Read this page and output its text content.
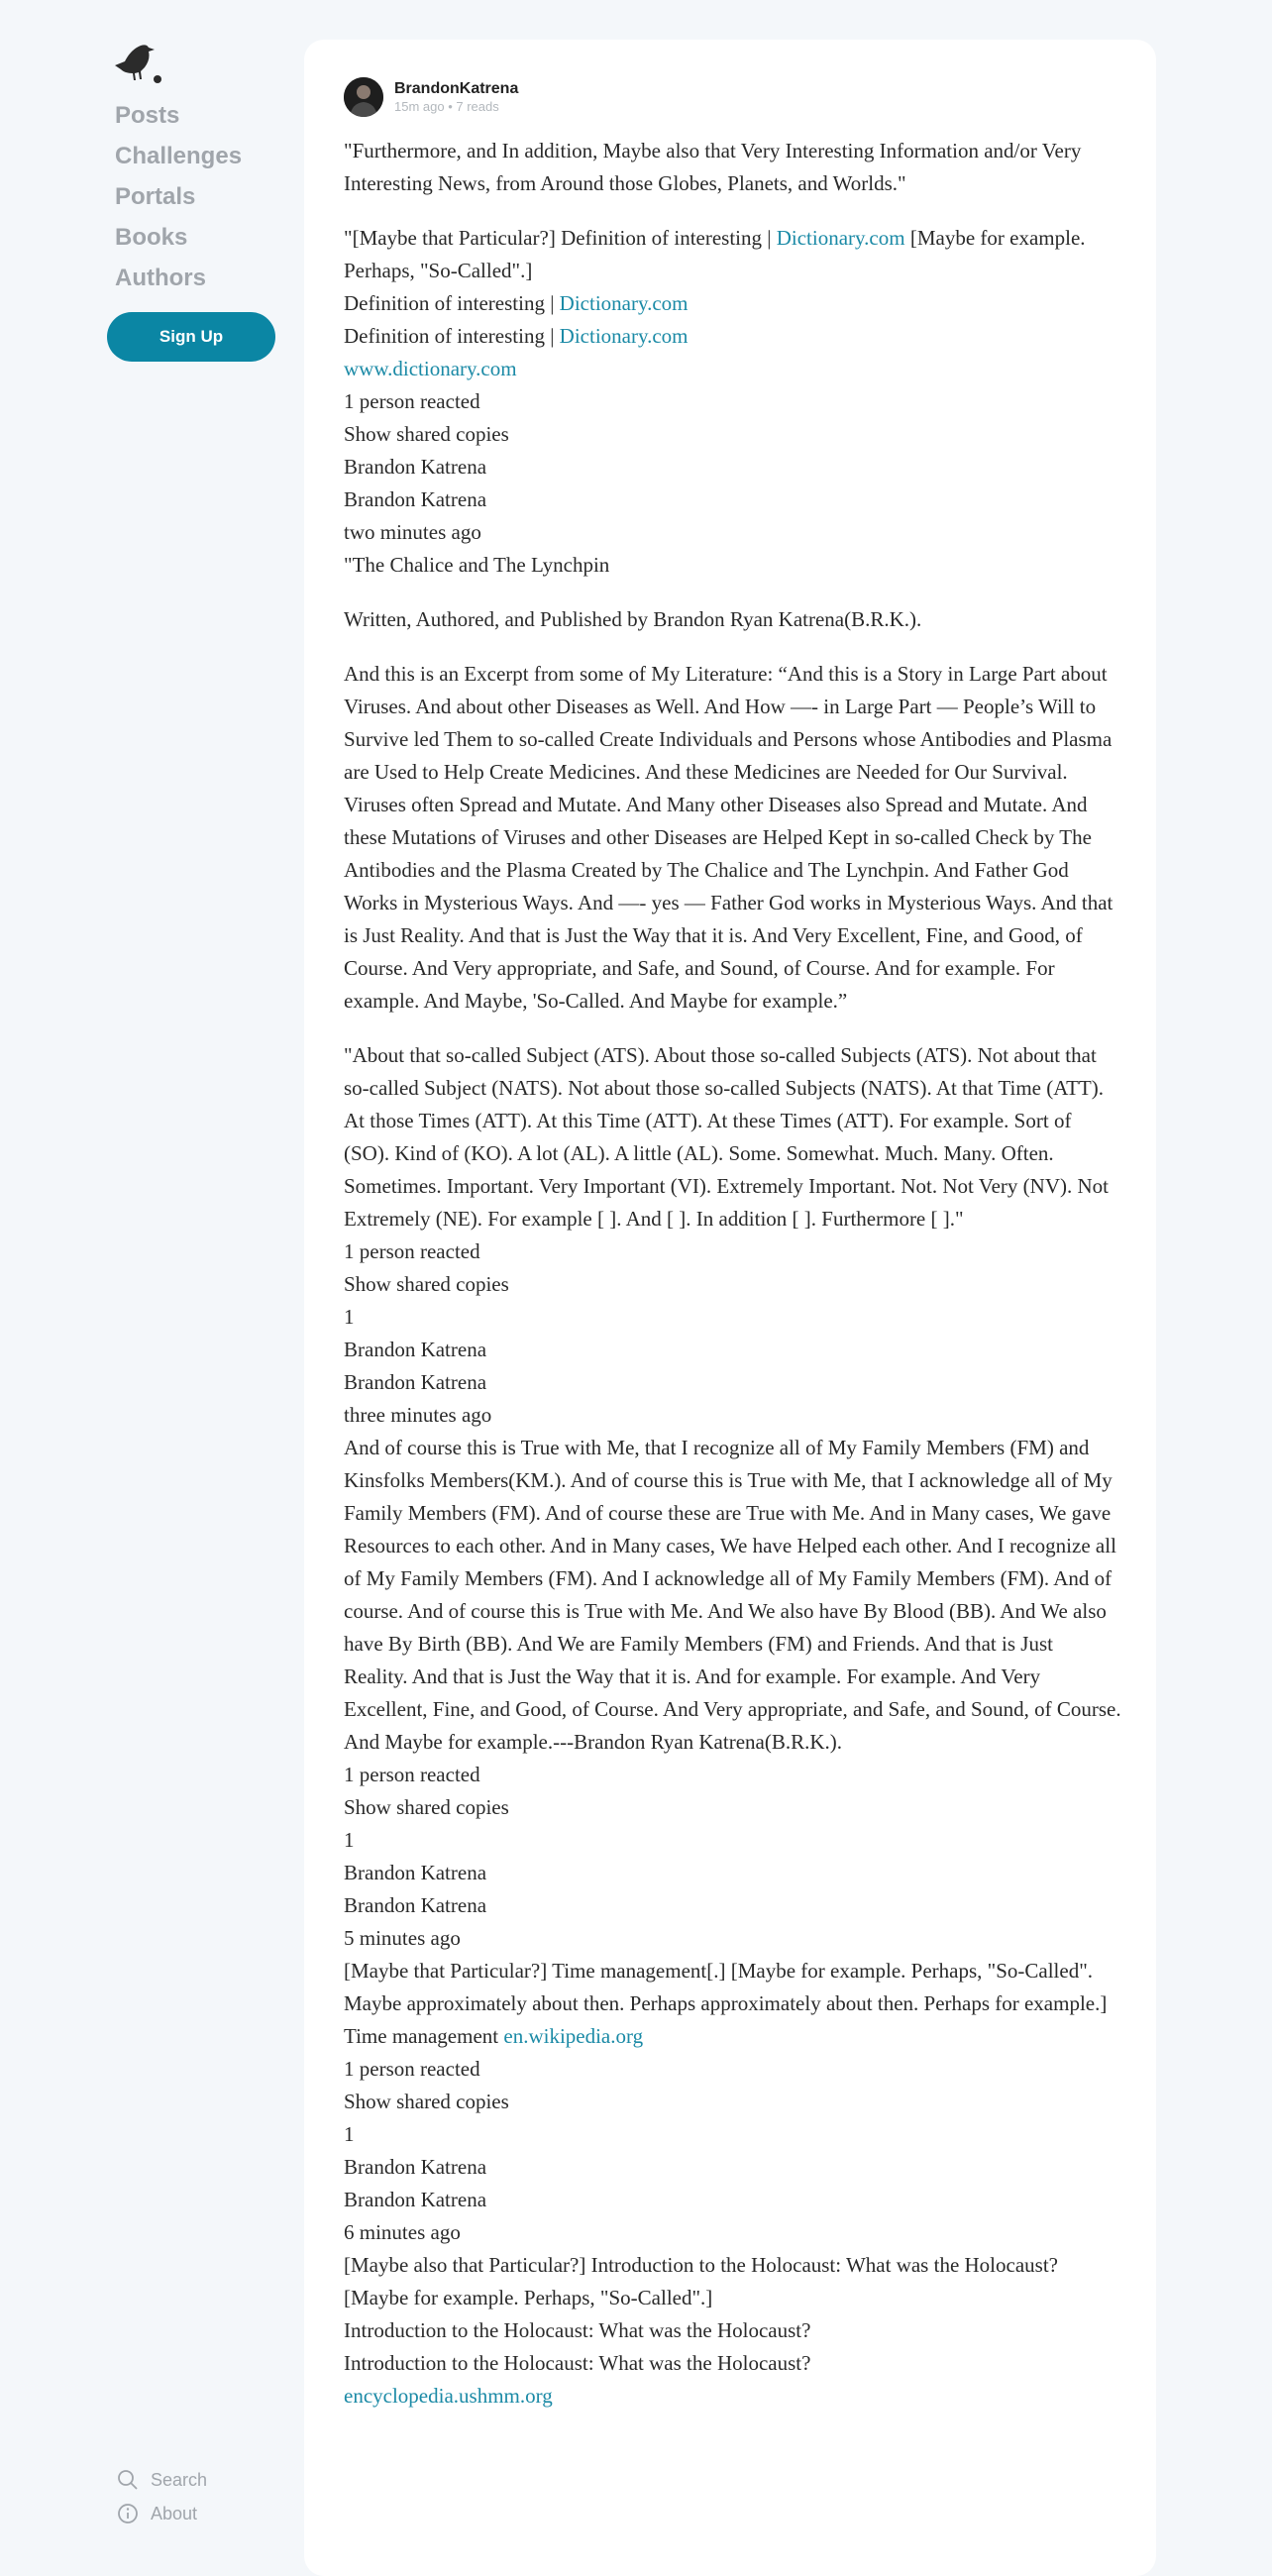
Posts
Challenges
Portals
Books
Authors
Sign Up
Search
About
BrandonKatrena
15m ago • 7 reads

"Furthermore, and In addition, Maybe also that Very Interesting Information and/or Very Interesting News, from Around those Globes, Planets, and Worlds."

"[Maybe that Particular?] Definition of interesting | Dictionary.com [Maybe for example. Perhaps, "So-Called".]
Definition of interesting | Dictionary.com
Definition of interesting | Dictionary.com
www.dictionary.com
1 person reacted
Show shared copies
Brandon Katrena
Brandon Katrena
two minutes ago
"The Chalice and The Lynchpin

Written, Authored, and Published by Brandon Ryan Katrena(B.R.K.).

And this is an Excerpt from some of My Literature: “And this is a Story in Large Part about Viruses. And about other Diseases as Well. And How —- in Large Part — People’s Will to Survive led Them to so-called Create Individuals and Persons whose Antibodies and Plasma are Used to Help Create Medicines. And these Medicines are Needed for Our Survival. Viruses often Spread and Mutate. And Many other Diseases also Spread and Mutate. And these Mutations of Viruses and other Diseases are Helped Kept in so-called Check by The Antibodies and the Plasma Created by The Chalice and The Lynchpin. And Father God Works in Mysterious Ways. And —- yes — Father God works in Mysterious Ways. And that is Just Reality. And that is Just the Way that it is. And Very Excellent, Fine, and Good, of Course. And Very appropriate, and Safe, and Sound, of Course. And for example. For example. And Maybe, 'So-Called. And Maybe for example.”

"About that so-called Subject (ATS). About those so-called Subjects (ATS). Not about that so-called Subject (NATS). Not about those so-called Subjects (NATS). At that Time (ATT). At those Times (ATT). At this Time (ATT). At these Times (ATT). For example. Sort of (SO). Kind of (KO). A lot (AL). A little (AL). Some. Somewhat. Much. Many. Often. Sometimes. Important. Very Important (VI). Extremely Important. Not. Not Very (NV). Not Extremely (NE). For example [ ]. And [ ]. In addition [ ]. Furthermore [ ]."
1 person reacted
Show shared copies
1
Brandon Katrena
Brandon Katrena
three minutes ago
And of course this is True with Me, that I recognize all of My Family Members (FM) and Kinsfolks Members(KM.). And of course this is True with Me, that I acknowledge all of My Family Members (FM). And of course these are True with Me. And in Many cases, We gave Resources to each other. And in Many cases, We have Helped each other. And I recognize all of My Family Members (FM). And I acknowledge all of My Family Members (FM). And of course. And of course this is True with Me. And We also have By Blood (BB). And We also have By Birth (BB). And We are Family Members (FM) and Friends. And that is Just Reality. And that is Just the Way that it is. And for example. For example. And Very Excellent, Fine, and Good, of Course. And Very appropriate, and Safe, and Sound, of Course. And Maybe for example.---Brandon Ryan Katrena(B.R.K.).
1 person reacted
Show shared copies
1
Brandon Katrena
Brandon Katrena
5 minutes ago
[Maybe that Particular?] Time management[.] [Maybe for example. Perhaps, "So-Called". Maybe approximately about then. Perhaps approximately about then. Perhaps for example.]
Time management en.wikipedia.org
1 person reacted
Show shared copies
1
Brandon Katrena
Brandon Katrena
6 minutes ago
[Maybe also that Particular?] Introduction to the Holocaust: What was the Holocaust? [Maybe for example. Perhaps, "So-Called".]
Introduction to the Holocaust: What was the Holocaust?
Introduction to the Holocaust: What was the Holocaust?
encyclopedia.ushmm.org
